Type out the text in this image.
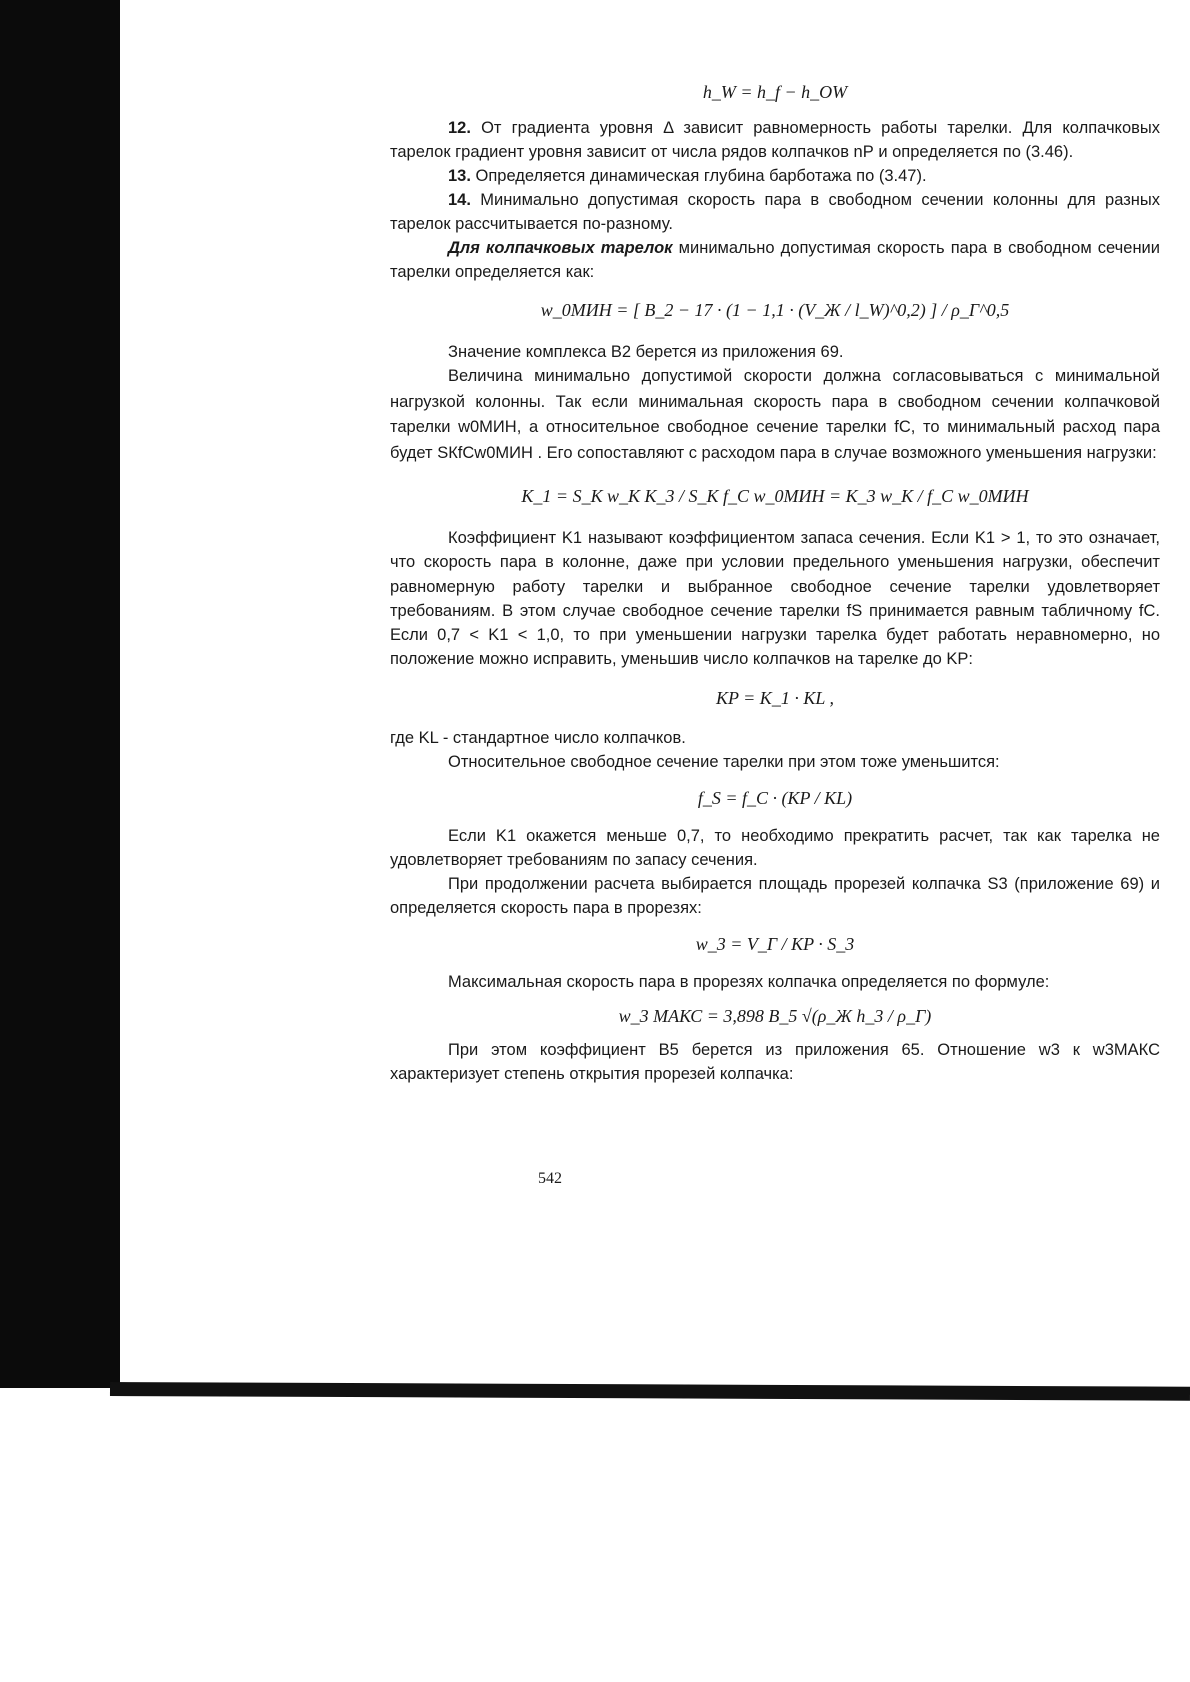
h_W = h_f − h_OW

12. От градиента уровня Δ зависит равномерность работы тарелки. Для колпачковых тарелок градиент уровня зависит от числа рядов колпачков nР и определяется по (3.46).

13. Определяется динамическая глубина барботажа по (3.47).

14. Минимально допустимая скорость пара в свободном сечении колонны для разных тарелок рассчитывается по-разному.

Для колпачковых тарелок минимально допустимая скорость пара в свободном сечении тарелки определяется как:

w_0МИН = [ B_2 − 17 · (1 − 1,1 · (V_Ж / l_W)^0,2) ] / ρ_Г^0,5

Значение комплекса B2 берется из приложения 69.

Величина минимально допустимой скорости должна согласовываться с минимальной нагрузкой колонны. Так если минимальная скорость пара в свободном сечении колпачковой тарелки w0МИН, а относительное свободное сечение тарелки fC, то минимальный расход пара будет SКfСw0МИН . Его сопоставляют с расходом пара в случае возможного уменьшения нагрузки:

K_1 = S_К w_К K_3 / S_К f_С w_0МИН = K_3 w_К / f_С w_0МИН

Коэффициент K1 называют коэффициентом запаса сечения. Если K1 > 1, то это означает, что скорость пара в колонне, даже при условии предельного уменьшения нагрузки, обеспечит равномерную работу тарелки и выбранное свободное сечение тарелки удовлетворяет требованиям. В этом случае свободное сечение тарелки fS принимается равным табличному fC. Если 0,7 < K1 < 1,0, то при уменьшении нагрузки тарелка будет работать неравномерно, но положение можно исправить, уменьшив число колпачков на тарелке до KP:

KP = K_1 · KL ,

где KL - стандартное число колпачков.

Относительное свободное сечение тарелки при этом тоже уменьшится:

f_S = f_C · (KP / KL)

Если K1 окажется меньше 0,7, то необходимо прекратить расчет, так как тарелка не удовлетворяет требованиям по запасу сечения.

При продолжении расчета выбирается площадь прорезей колпачка S3 (приложение 69) и определяется скорость пара в прорезях:

w_3 = V_Г / KP · S_3

Максимальная скорость пара в прорезях колпачка определяется по формуле:

w_3 МАКС = 3,898 B_5 √(ρ_Ж h_3 / ρ_Г)

При этом коэффициент B5 берется из приложения 65. Отношение w3 к w3МАКС характеризует степень открытия прорезей колпачка:

542
